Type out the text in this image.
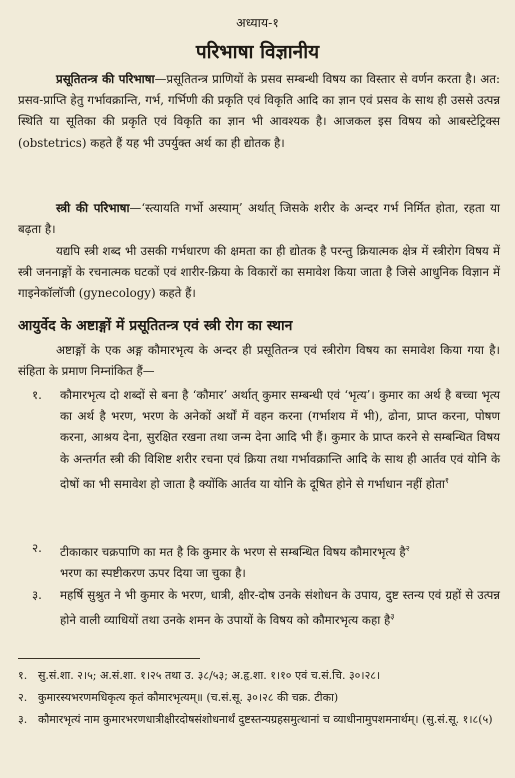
अध्याय-१
परिभाषा विज्ञानीय
प्रसूतितन्त्र की परिभाषा—प्रसूतितन्त्र प्राणियों के प्रसव सम्बन्धी विषय का विस्तार से वर्णन करता है। अत: प्रसव-प्राप्ति हेतु गर्भावक्रान्ति, गर्भ, गर्भिणी की प्रकृति एवं विकृति आदि का ज्ञान एवं प्रसव के साथ ही उससे उत्पन्न स्थिति या सूतिका की प्रकृति एवं विकृति का ज्ञान भी आवश्यक है। आजकल इस विषय को आबस्टेट्रिक्स (obstetrics) कहते हैं यह भी उपर्युक्त अर्थ का ही द्योतक है।
स्त्री की परिभाषा—‘स्त्यायति गर्भो अस्याम्’ अर्थात् जिसके शरीर के अन्दर गर्भ निर्मित होता, रहता या बढ़ता है।
यद्यपि स्त्री शब्द भी उसकी गर्भधारण की क्षमता का ही द्योतक है परन्तु क्रियात्मक क्षेत्र में स्त्रीरोग विषय में स्त्री जननाङ्गों के रचनात्मक घटकों एवं शारीर-क्रिया के विकारों का समावेश किया जाता है जिसे आधुनिक विज्ञान में गाइनेकॉलॉजी (gynecology) कहते हैं।
आयुर्वेद के अष्टाङ्गों में प्रसूतितन्त्र एवं स्त्री रोग का स्थान
अष्टाङ्गों के एक अङ्ग कौमारभृत्य के अन्दर ही प्रसूतितन्त्र एवं स्त्रीरोग विषय का समावेश किया गया है। संहिता के प्रमाण निम्नांकित हैं—
१. कौमारभृत्य दो शब्दों से बना है ‘कौमार’ अर्थात् कुमार सम्बन्धी एवं ‘भृत्य’। कुमार का अर्थ है बच्चा भृत्य का अर्थ है भरण, भरण के अनेकों अर्थों में वहन करना (गर्भाशय में भी), ढोना, प्राप्त करना, पोषण करना, आश्रय देना, सुरक्षित रखना तथा जन्म देना आदि भी हैं। कुमार के प्राप्त करने से सम्बन्धित विषय के अन्तर्गत स्त्री की विशिष्ट शरीर रचना एवं क्रिया तथा गर्भावक्रान्ति आदि के साथ ही आर्तव एवं योनि के दोषों का भी समावेश हो जाता है क्योंकि आर्तव या योनि के दूषित होने से गर्भाधान नहीं होता$^१$
२. टीकाकार चक्रपाणि का मत है कि कुमार के भरण से सम्बन्धित विषय कौमारभृत्य है$^२$
भरण का स्पष्टीकरण ऊपर दिया जा चुका है।
३. महर्षि सुश्रुत ने भी कुमार के भरण, धात्री, क्षीर-दोष उनके संशोधन के उपाय, दुष्ट स्तन्य एवं ग्रहों से उत्पन्न होने वाली व्याधियों तथा उनके शमन के उपायों के विषय को कौमारभृत्य कहा है$^३$
१. सु.सं.शा. २।५; अ.सं.शा. १।२५ तथा उ. ३८/५३; अ.हृ.शा. १।१० एवं च.सं.चि. ३०।२८।
२. कुमारस्यभरणमधिकृत्य कृतं कौमारभृत्यम्॥ (च.सं.सू. ३०।२८ की चक्र. टीका)
३. कौमारभृत्यं नाम कुमारभरणधात्रीक्षीरदोषसंशोधनार्थं दुष्टस्तन्यग्रहसमुत्थानां च व्याधीनामुपशमनार्थम्। (सु.सं.सू. १।८(५)
